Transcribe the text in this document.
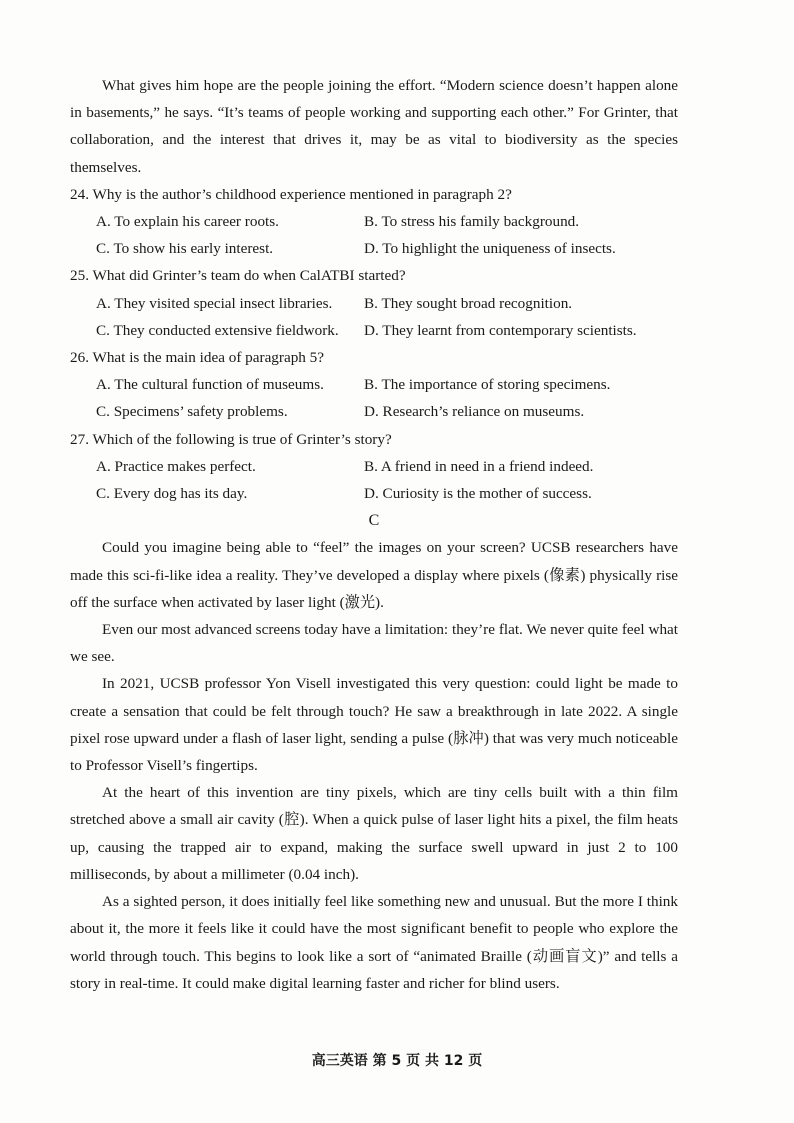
What gives him hope are the people joining the effort. “Modern science doesn’t happen alone in basements,” he says. “It’s teams of people working and supporting each other.” For Grinter, that collaboration, and the interest that drives it, may be as vital to biodiversity as the species themselves.

24. Why is the author’s childhood experience mentioned in paragraph 2?

A. To explain his career roots.	B. To stress his family background.
C. To show his early interest.	D. To highlight the uniqueness of insects.

25. What did Grinter’s team do when CalATBI started?

A. They visited special insect libraries.	B. They sought broad recognition.
C. They conducted extensive fieldwork.	D. They learnt from contemporary scientists.

26. What is the main idea of paragraph 5?

A. The cultural function of museums.	B. The importance of storing specimens.
C. Specimens’ safety problems.	D. Research’s reliance on museums.

27. Which of the following is true of Grinter’s story?

A. Practice makes perfect.	B. A friend in need in a friend indeed.
C. Every dog has its day.	D. Curiosity is the mother of success.

C

Could you imagine being able to “feel” the images on your screen? UCSB researchers have made this sci-fi-like idea a reality. They’ve developed a display where pixels (像素) physically rise off the surface when activated by laser light (激光).

Even our most advanced screens today have a limitation: they’re flat. We never quite feel what we see.

In 2021, UCSB professor Yon Visell investigated this very question: could light be made to create a sensation that could be felt through touch? He saw a breakthrough in late 2022. A single pixel rose upward under a flash of laser light, sending a pulse (脉冲) that was very much noticeable to Professor Visell’s fingertips.

At the heart of this invention are tiny pixels, which are tiny cells built with a thin film stretched above a small air cavity (腔). When a quick pulse of laser light hits a pixel, the film heats up, causing the trapped air to expand, making the surface swell upward in just 2 to 100 milliseconds, by about a millimeter (0.04 inch).

As a sighted person, it does initially feel like something new and unusual. But the more I think about it, the more it feels like it could have the most significant benefit to people who explore the world through touch. This begins to look like a sort of “animated Braille (动画盲文)” and tells a story in real-time. It could make digital learning faster and richer for blind users.

高三英语 第 5 页 共 12 页
